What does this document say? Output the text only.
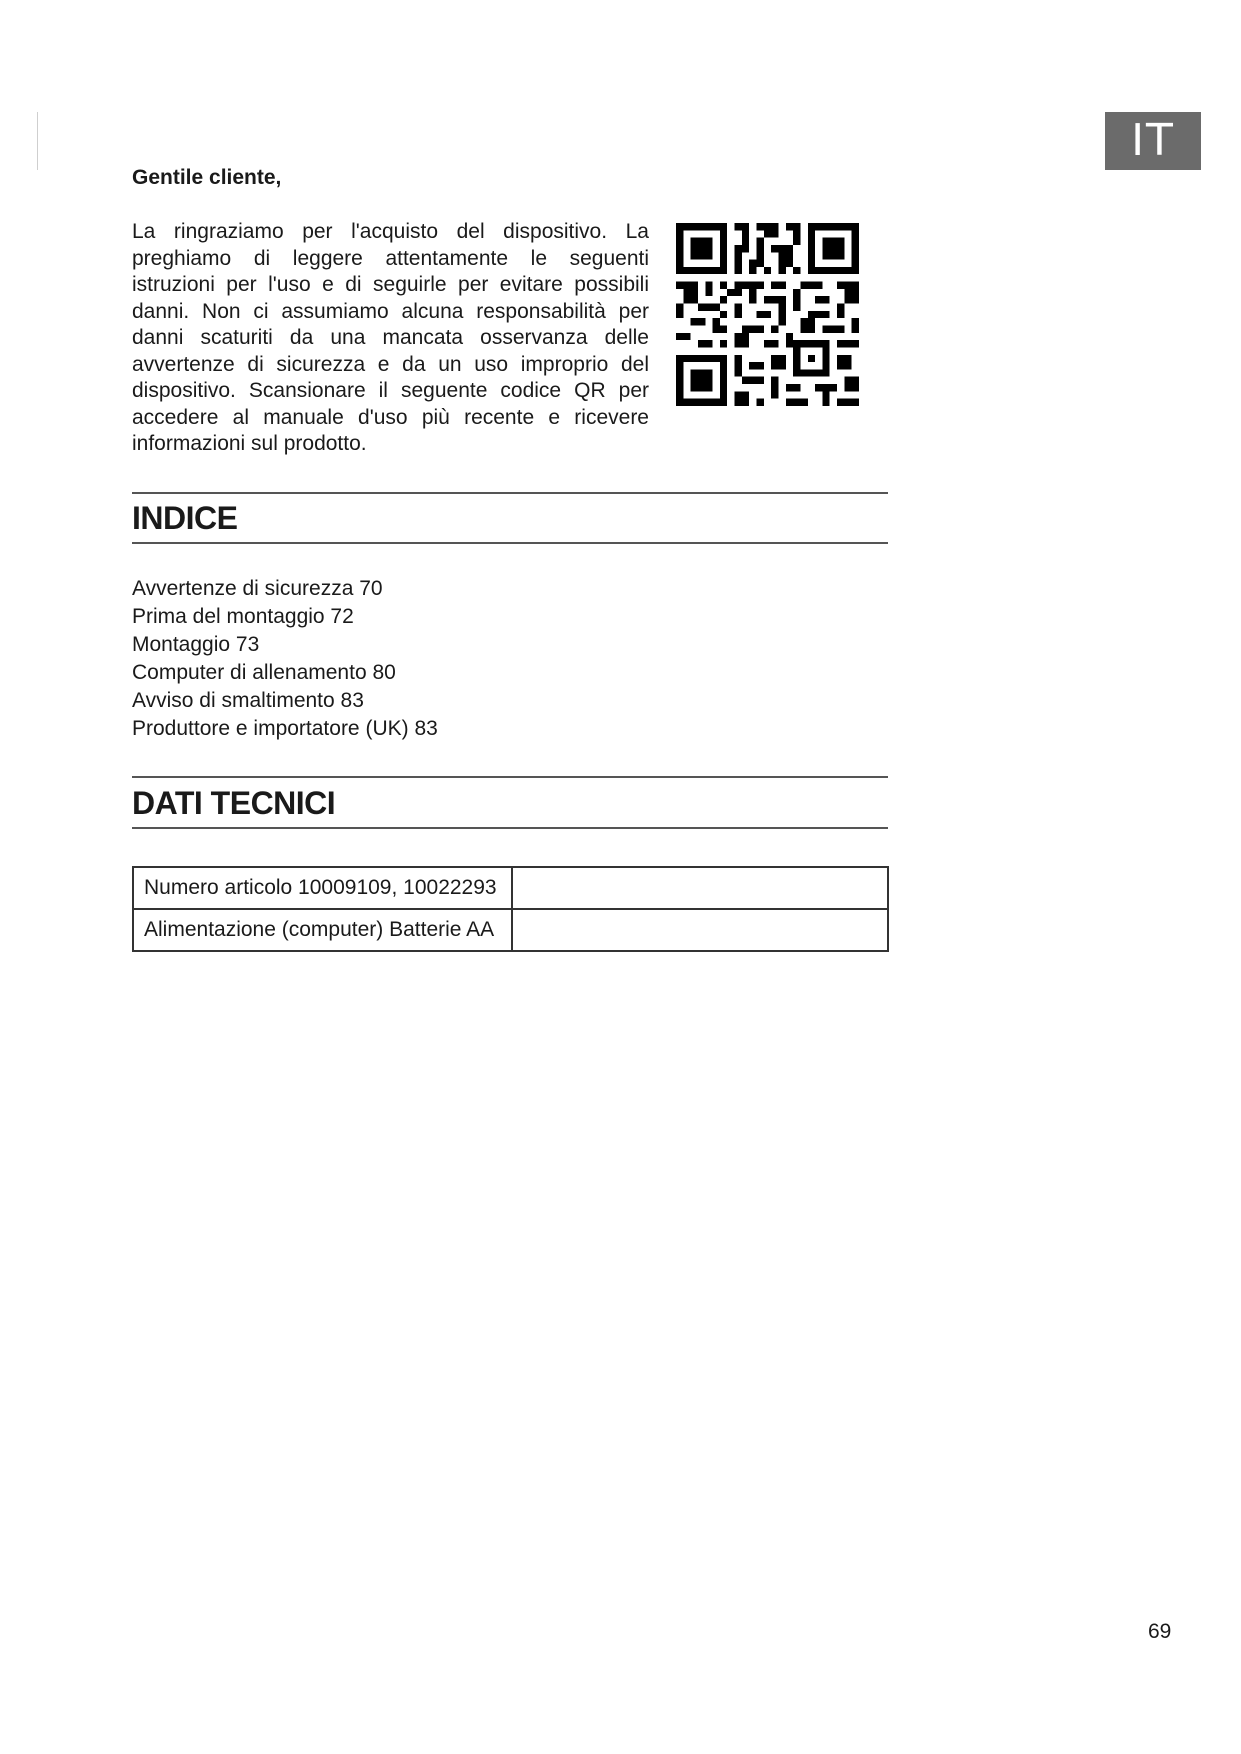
IT
Gentile cliente,
La ringraziamo per l'acquisto del dispositivo. La preghiamo di leggere attentamente le seguenti istruzioni per l'uso e di seguirle per evitare possibili danni. Non ci assumiamo alcuna responsabilità per danni scaturiti da una mancata osservanza delle avvertenze di sicurezza e da un uso improprio del dispositivo. Scansionare il seguente codice QR per accedere al manuale d'uso più recente e ricevere informazioni sul prodotto.
INDICE
Avvertenze di sicurezza 70
Prima del montaggio 72
Montaggio 73
Computer di allenamento 80
Avviso di smaltimento 83
Produttore e importatore (UK) 83
DATI TECNICI
Numero articolo 10009109, 10022293	
Alimentazione (computer) Batterie AA	
69
